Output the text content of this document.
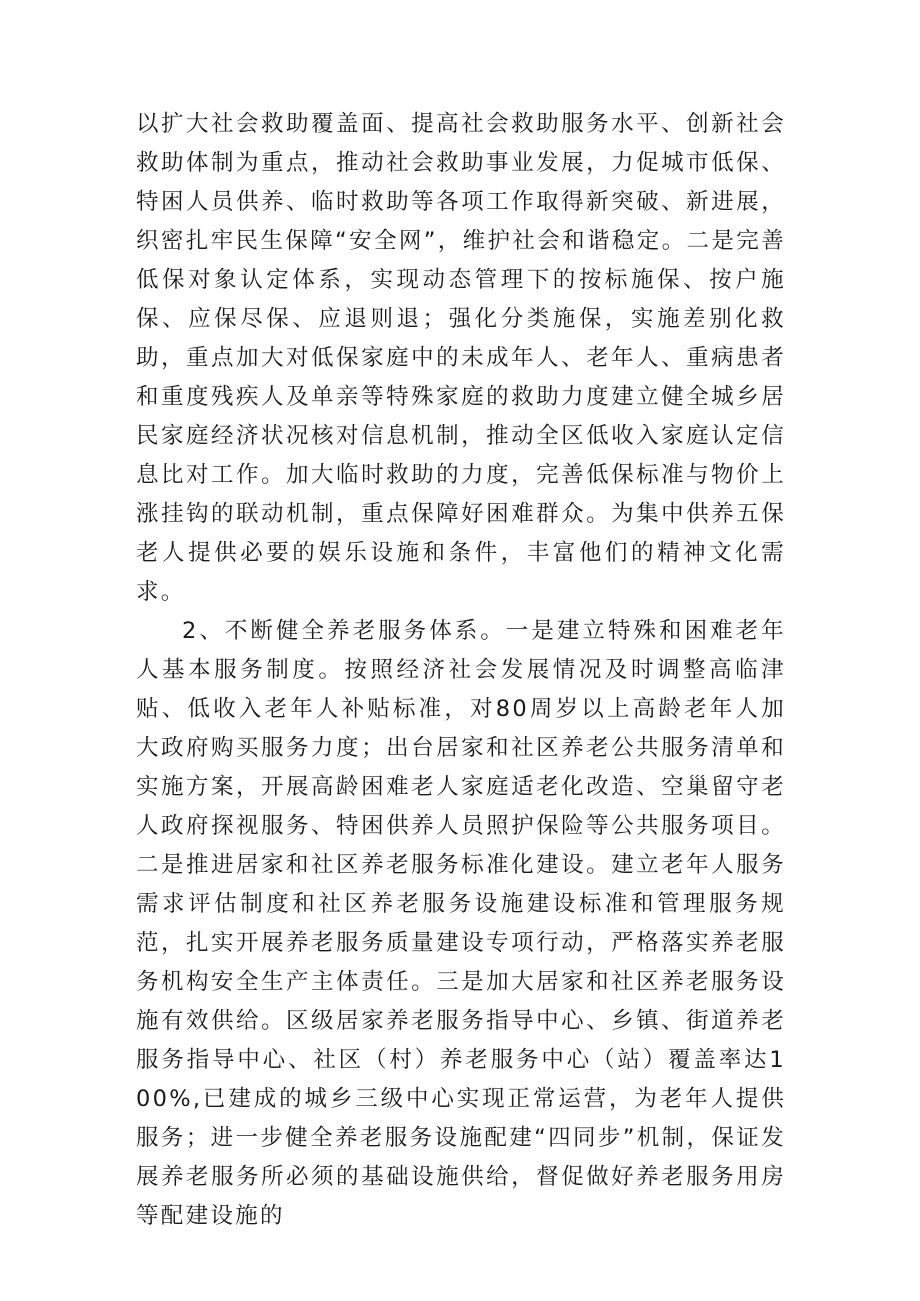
以扩大社会救助覆盖面、提高社会救助服务水平、创新社会救助体制为重点，推动社会救助事业发展，力促城市低保、特困人员供养、临时救助等各项工作取得新突破、新进展，织密扎牢民生保障“安全网”，维护社会和谐稳定。二是完善低保对象认定体系，实现动态管理下的按标施保、按户施保、应保尽保、应退则退；强化分类施保，实施差别化救助，重点加大对低保家庭中的未成年人、老年人、重病患者和重度残疾人及单亲等特殊家庭的救助力度建立健全城乡居民家庭经济状况核对信息机制，推动全区低收入家庭认定信息比对工作。加大临时救助的力度，完善低保标准与物价上涨挂钩的联动机制，重点保障好困难群众。为集中供养五保老人提供必要的娱乐设施和条件，丰富他们的精神文化需求。

2、不断健全养老服务体系。一是建立特殊和困难老年人基本服务制度。按照经济社会发展情况及时调整高临津贴、低收入老年人补贴标准，对80周岁以上高龄老年人加大政府购买服务力度；出台居家和社区养老公共服务清单和实施方案，开展高龄困难老人家庭适老化改造、空巢留守老人政府探视服务、特困供养人员照护保险等公共服务项目。二是推进居家和社区养老服务标准化建设。建立老年人服务需求评估制度和社区养老服务设施建设标准和管理服务规范，扎实开展养老服务质量建设专项行动，严格落实养老服务机构安全生产主体责任。三是加大居家和社区养老服务设施有效供给。区级居家养老服务指导中心、乡镇、街道养老服务指导中心、社区（村）养老服务中心（站）覆盖率达100%,已建成的城乡三级中心实现正常运营，为老年人提供服务；进一步健全养老服务设施配建“四同步”机制，保证发展养老服务所必须的基础设施供给，督促做好养老服务用房等配建设施的
